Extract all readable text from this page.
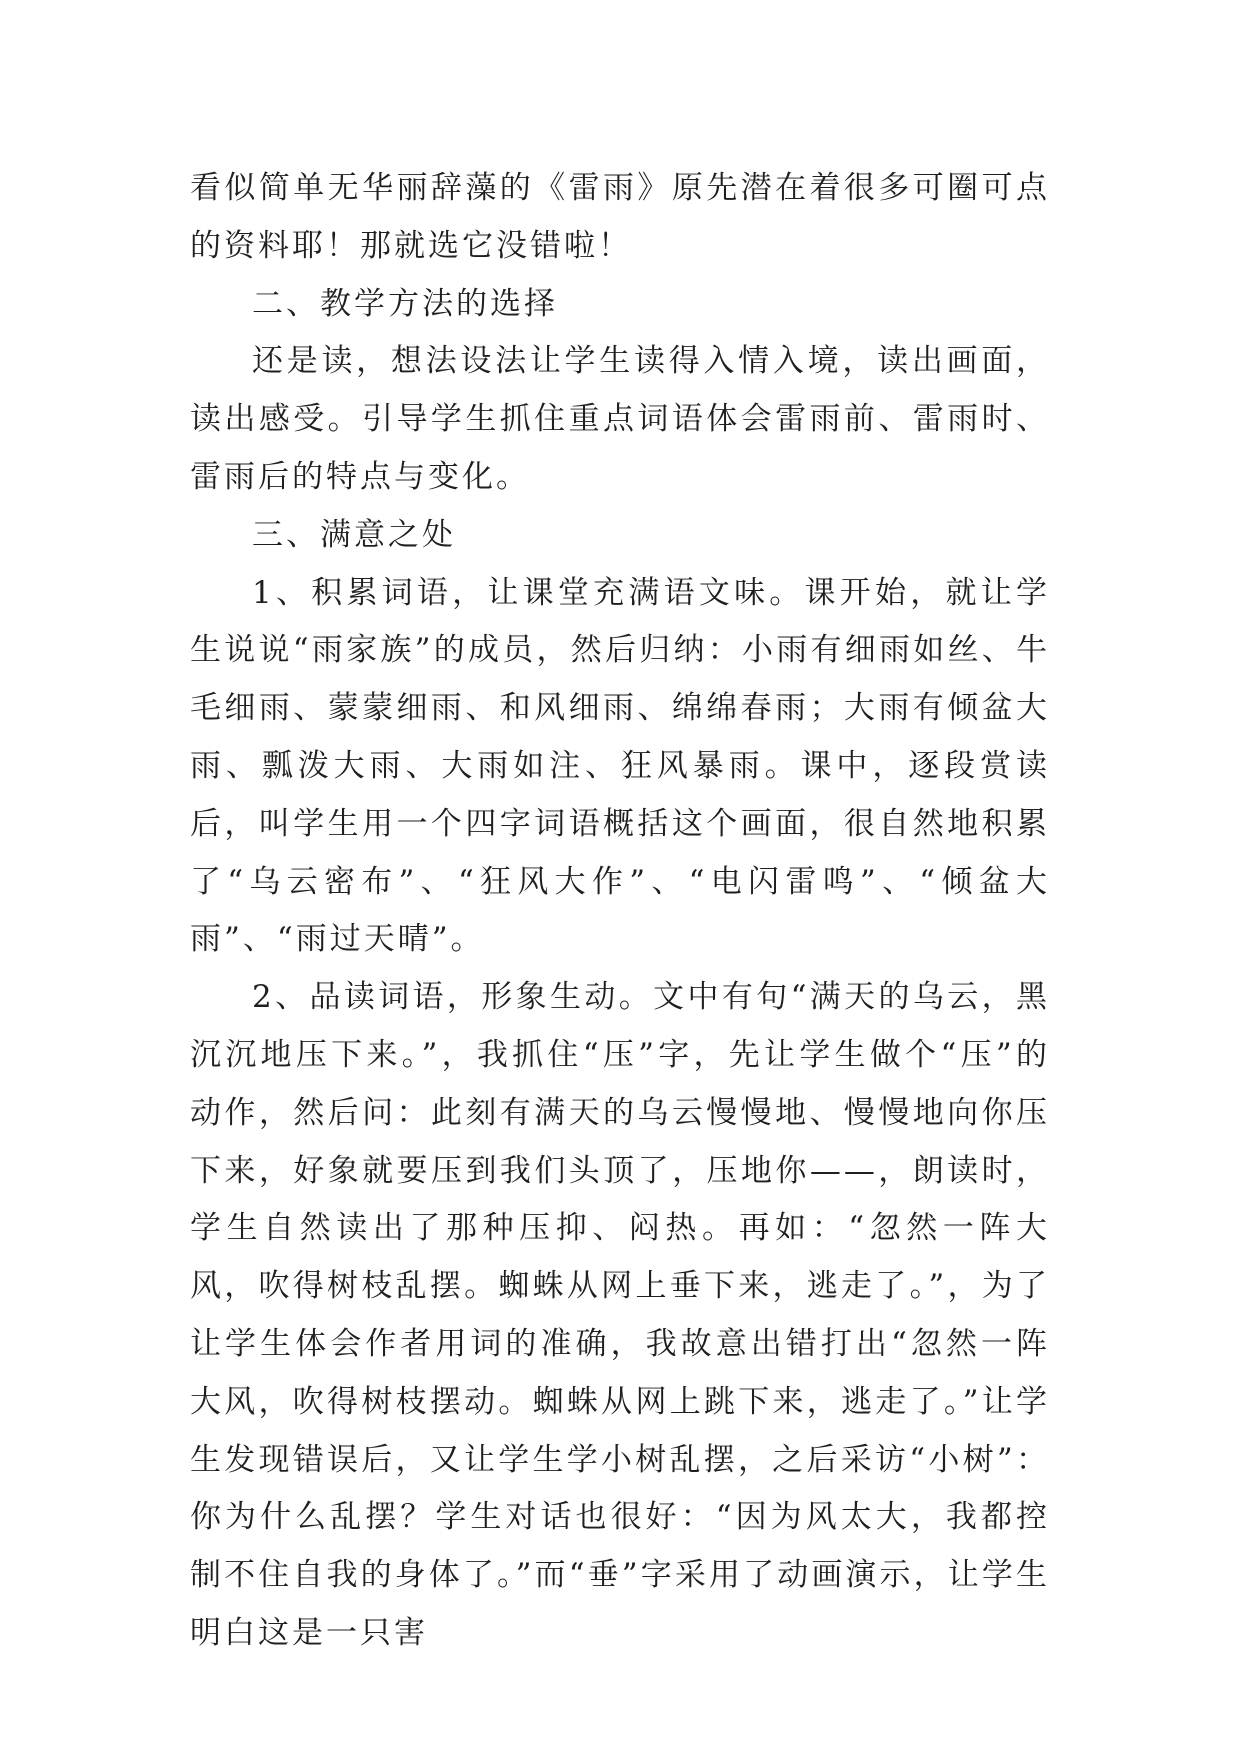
看似简单无华丽辞藻的《雷雨》原先潜在着很多可圈可点的资料耶！那就选它没错啦！

二、教学方法的选择

还是读，想法设法让学生读得入情入境，读出画面，读出感受。引导学生抓住重点词语体会雷雨前、雷雨时、雷雨后的特点与变化。

三、满意之处

1、积累词语，让课堂充满语文味。课开始，就让学生说说“雨家族”的成员，然后归纳：小雨有细雨如丝、牛毛细雨、蒙蒙细雨、和风细雨、绵绵春雨；大雨有倾盆大雨、瓢泼大雨、大雨如注、狂风暴雨。课中，逐段赏读后，叫学生用一个四字词语概括这个画面，很自然地积累了“乌云密布”、“狂风大作”、“电闪雷鸣”、“倾盆大雨”、“雨过天晴”。

2、品读词语，形象生动。文中有句“满天的乌云，黑沉沉地压下来。”，我抓住“压”字，先让学生做个“压”的动作，然后问：此刻有满天的乌云慢慢地、慢慢地向你压下来，好象就要压到我们头顶了，压地你——，朗读时，学生自然读出了那种压抑、闷热。再如：“忽然一阵大风，吹得树枝乱摆。蜘蛛从网上垂下来，逃走了。”，为了让学生体会作者用词的准确，我故意出错打出“忽然一阵大风，吹得树枝摆动。蜘蛛从网上跳下来，逃走了。”让学生发现错误后，又让学生学小树乱摆，之后采访“小树”：你为什么乱摆？学生对话也很好：“因为风太大，我都控制不住自我的身体了。”而“垂”字采用了动画演示，让学生明白这是一只害
